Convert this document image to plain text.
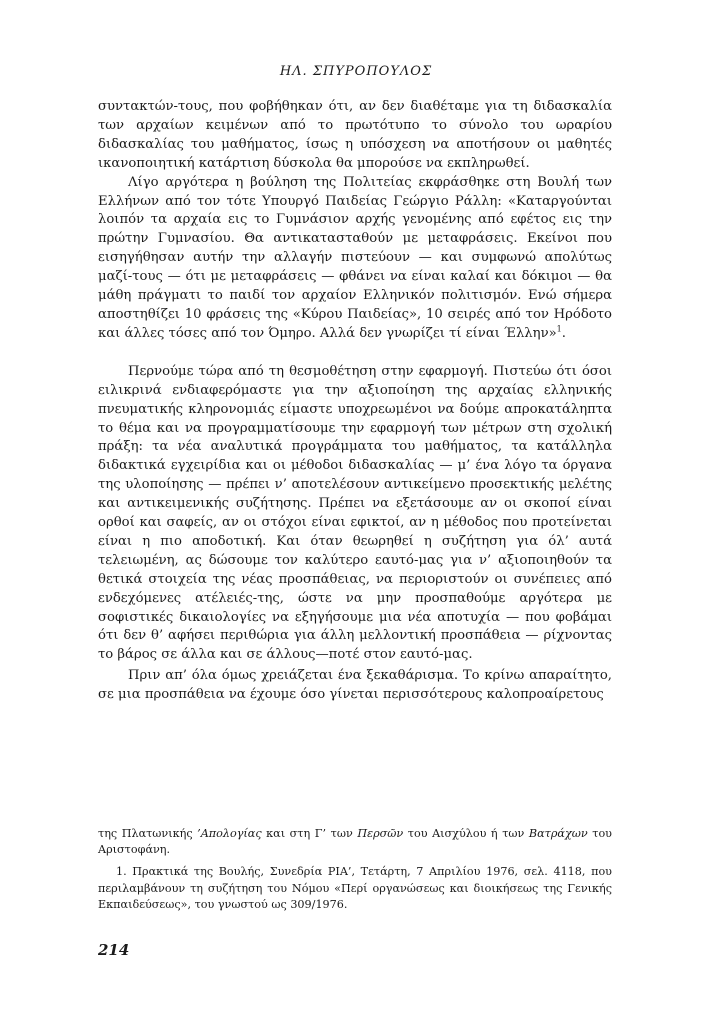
ΗΛ. ΣΠΥΡΟΠΟΥΛΟΣ

συντακτών-τους, που φοβήθηκαν ότι, αν δεν διαθέταμε για τη διδασκαλία των αρχαίων κειμένων από το πρωτότυπο το σύνολο του ωραρίου διδασκαλίας του μαθήματος, ίσως η υπόσχεση να αποτήσουν οι μαθητές ικανοποιητική κατάρτιση δύσκολα θα μπορούσε να εκπληρωθεί.

Λίγο αργότερα η βούληση της Πολιτείας εκφράσθηκε στη Βουλή των Ελλήνων από τον τότε Υπουργό Παιδείας Γεώργιο Ράλλη: «Καταργούνται λοιπόν τα αρχαία εις το Γυμνάσιον αρχής γενομένης από εφέτος εις την πρώτην Γυμνασίου. Θα αντικατασταθούν με μεταφράσεις. Εκείνοι που εισηγήθησαν αυτήν την αλλαγήν πιστεύουν — και συμφωνώ απολύτως μαζί-τους — ότι με μεταφράσεις — φθάνει να είναι καλαί και δόκιμοι — θα μάθη πράγματι το παιδί τον αρχαίον Ελληνικόν πολιτισμόν. Ενώ σήμερα αποστηθίζει 10 φράσεις της «Κύρου Παιδείας», 10 σειρές από τον Ηρόδοτο και άλλες τόσες από τον Όμηρο. Αλλά δεν γνωρίζει τί είναι Έλλην»$^1$.

Περνούμε τώρα από τη θεσμοθέτηση στην εφαρμογή. Πιστεύω ότι όσοι ειλικρινά ενδιαφερόμαστε για την αξιοποίηση της αρχαίας ελληνικής πνευματικής κληρονομιάς είμαστε υποχρεωμένοι να δούμε απροκατάληπτα το θέμα και να προγραμματίσουμε την εφαρμογή των μέτρων στη σχολική πράξη: τα νέα αναλυτικά προγράμματα του μαθήματος, τα κατάλληλα διδακτικά εγχειρίδια και οι μέθοδοι διδασκαλίας — μ’ ένα λόγο τα όργανα της υλοποίησης — πρέπει ν’ αποτελέσουν αντικείμενο προσεκτικής μελέτης και αντικειμενικής συζήτησης. Πρέπει να εξετάσουμε αν οι σκοποί είναι ορθοί και σαφείς, αν οι στόχοι είναι εφικτοί, αν η μέθοδος που προτείνεται είναι η πιο αποδοτική. Και όταν θεωρηθεί η συζήτηση για όλ’ αυτά τελειωμένη, ας δώσουμε τον καλύτερο εαυτό-μας για ν’ αξιοποιηθούν τα θετικά στοιχεία της νέας προσπάθειας, να περιοριστούν οι συνέπειες από ενδεχόμενες ατέλειές-της, ώστε να μην προσπαθούμε αργότερα με σοφιστικές δικαιολογίες να εξηγήσουμε μια νέα αποτυχία — που φοβάμαι ότι δεν θ’ αφήσει περιθώρια για άλλη μελλοντική προσπάθεια — ρίχνοντας το βάρος σε άλλα και σε άλλους—ποτέ στον εαυτό-μας.

Πριν απ’ όλα όμως χρειάζεται ένα ξεκαθάρισμα. Το κρίνω απαραίτητο, σε μια προσπάθεια να έχουμε όσο γίνεται περισσότερους καλοπροαίρετους

της Πλατωνικής ’Απολογίας και στη Γ’ των Περσῶν του Αισχύλου ή των Βατράχων του Αριστοφάνη.

1. Πρακτικά της Βουλής, Συνεδρία ΡΙΑ’, Τετάρτη, 7 Απριλίου 1976, σελ. 4118, που περιλαμβάνουν τη συζήτηση του Νόμου «Περί οργανώσεως και διοικήσεως της Γενικής Εκπαιδεύσεως», του γνωστού ως 309/1976.

214
